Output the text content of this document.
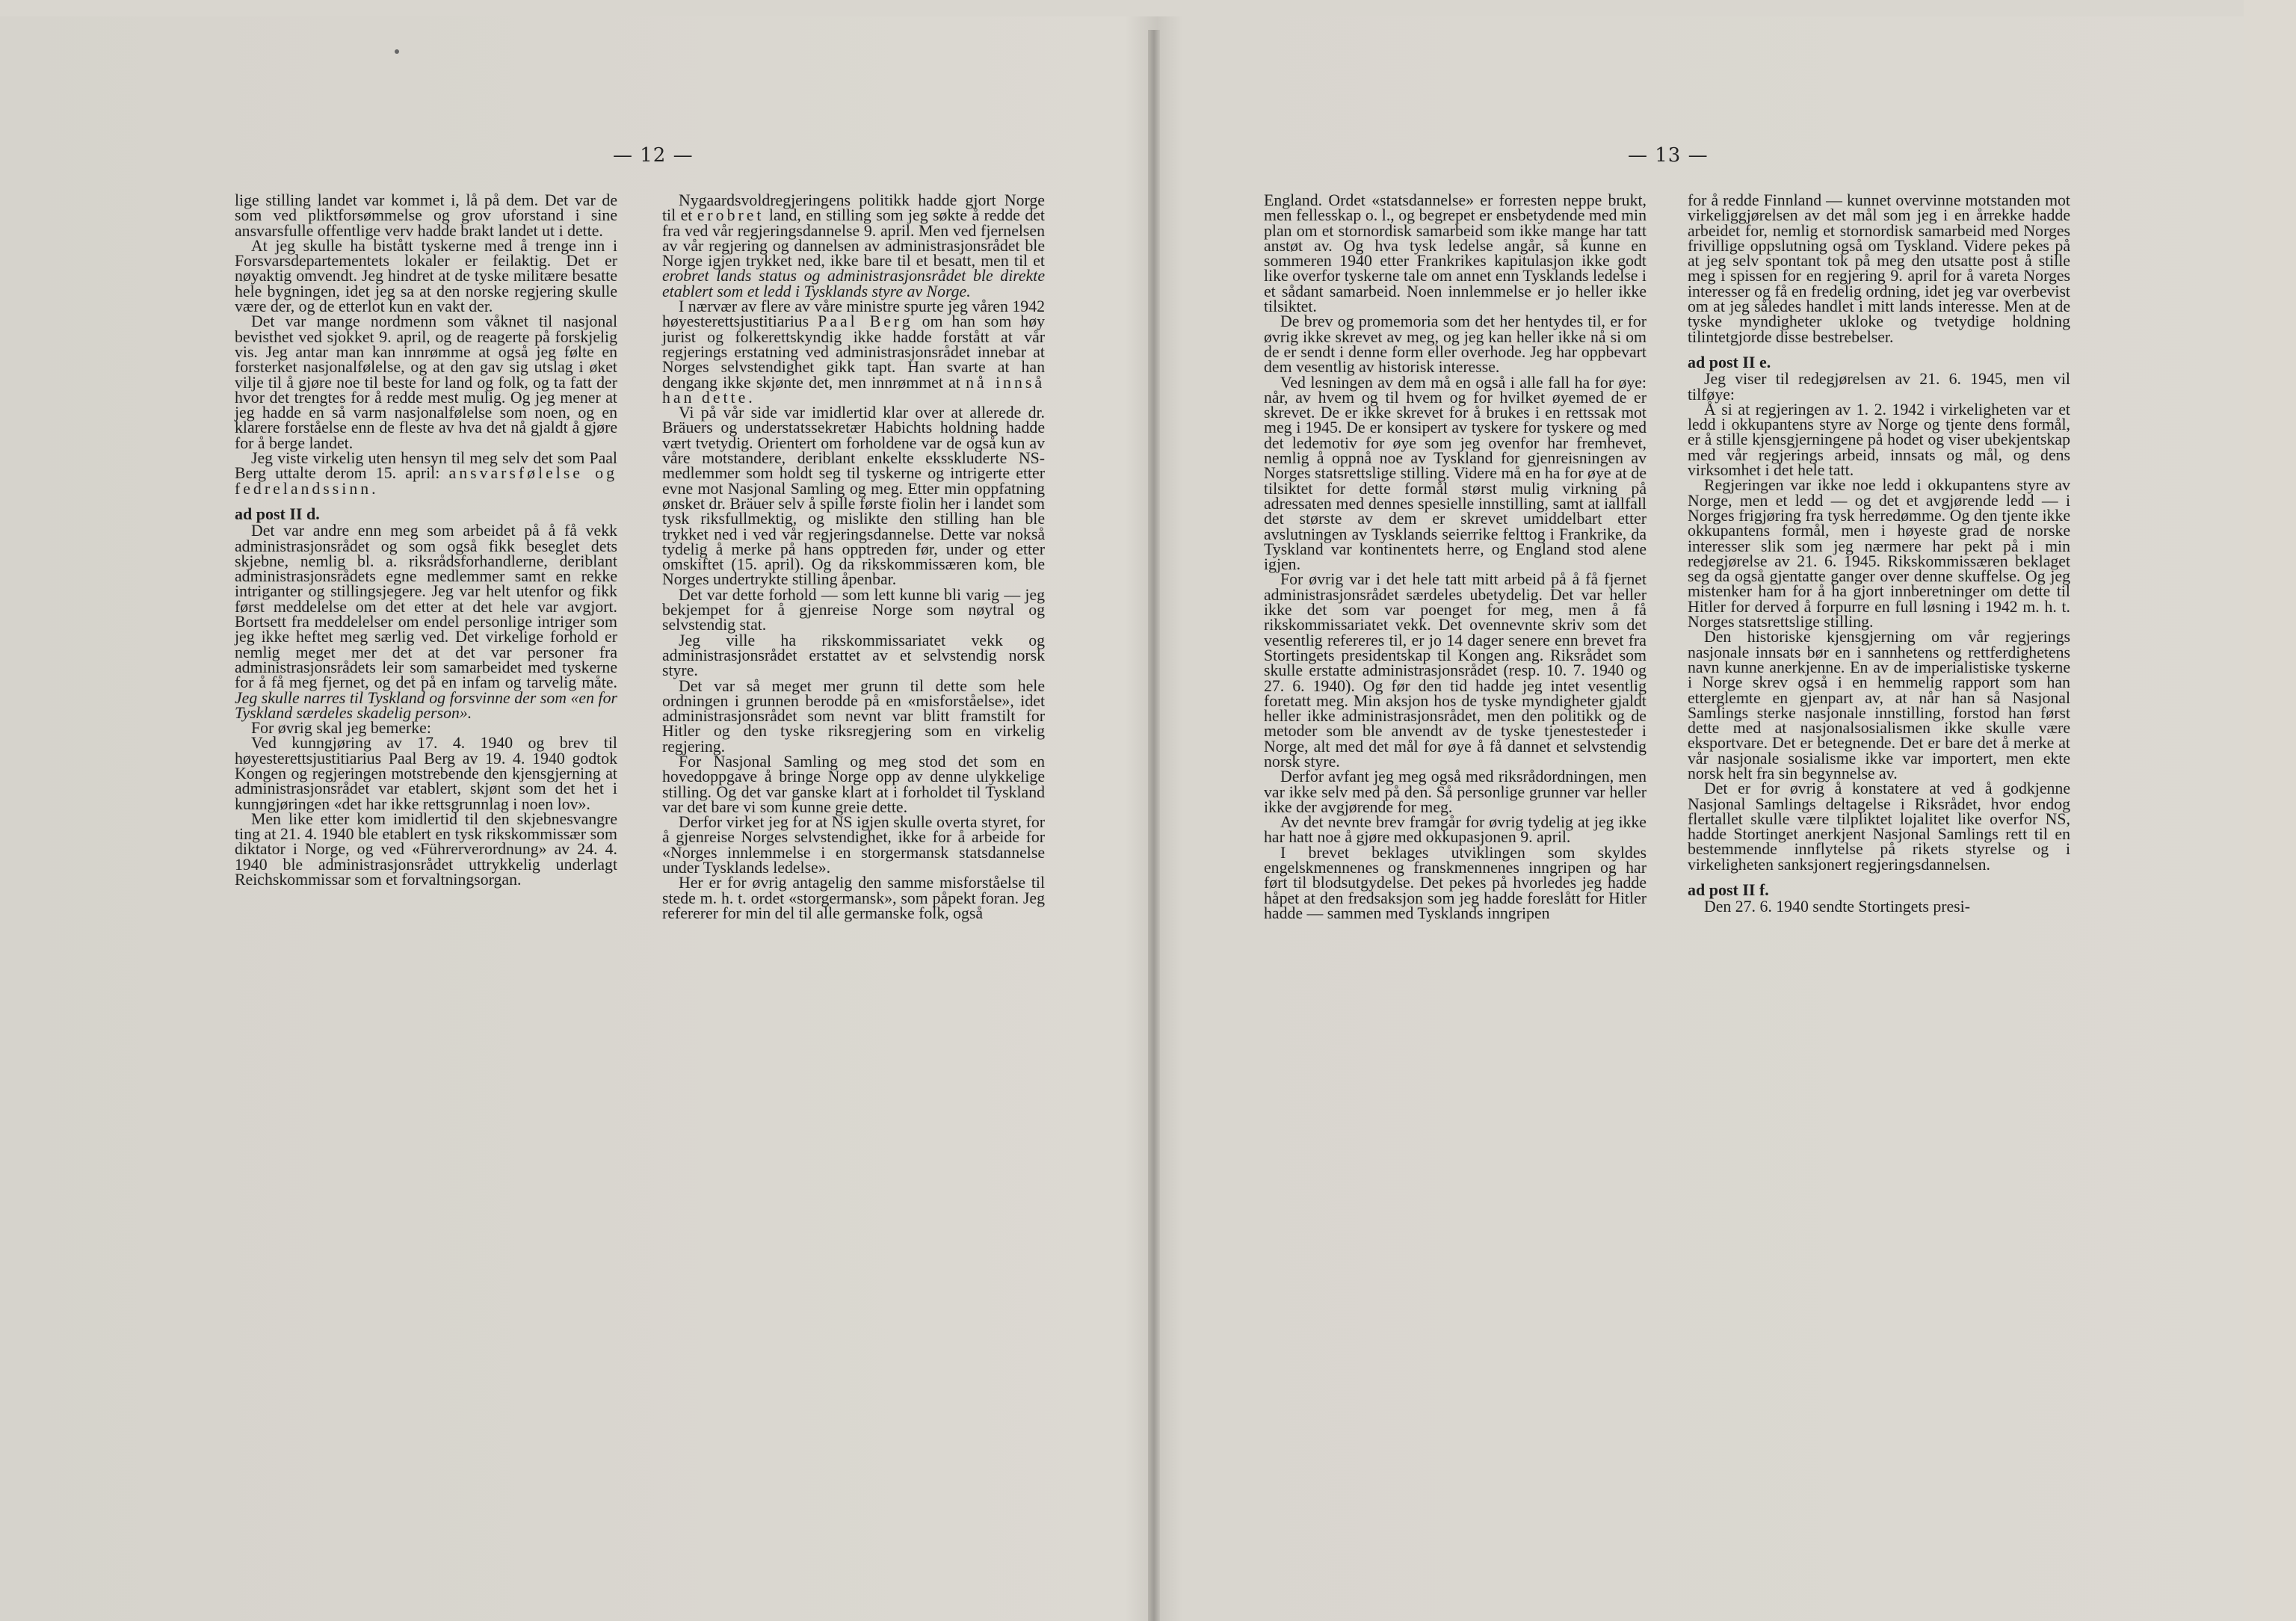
— 12 —	— 13 —

lige stilling landet var kommet i, lå på dem. Det var de som ved pliktforsømmelse og grov uforstand i sine ansvarsfulle offentlige verv hadde brakt landet ut i dette.

At jeg skulle ha bistått tyskerne med å trenge inn i Forsvarsdepartementets lokaler er feilaktig. Det er nøyaktig omvendt. Jeg hindret at de tyske militære besatte hele bygningen, idet jeg sa at den norske regjering skulle være der, og de etterlot kun en vakt der.

Det var mange nordmenn som våknet til nasjonal bevisthet ved sjokket 9. april, og de reagerte på forskjelig vis. Jeg antar man kan innrømme at også jeg følte en forsterket nasjonalfølelse, og at den gav sig utslag i øket vilje til å gjøre noe til beste for land og folk, og ta fatt der hvor det trengtes for å redde mest mulig. Og jeg mener at jeg hadde en så varm nasjonalfølelse som noen, og en klarere forståelse enn de fleste av hva det nå gjaldt å gjøre for å berge landet.

Jeg viste virkelig uten hensyn til meg selv det som Paal Berg uttalte derom 15. april: ansvarsfølelse og fedrelandssinn.

ad post II d.

Det var andre enn meg som arbeidet på å få vekk administrasjonsrådet og som også fikk beseglet dets skjebne, nemlig bl. a. riksrådsforhandlerne, deriblant administrasjonsrådets egne medlemmer samt en rekke intriganter og stillingsjegere. Jeg var helt utenfor og fikk først meddelelse om det etter at det hele var avgjort. Bortsett fra meddelelser om endel personlige intriger som jeg ikke heftet meg særlig ved. Det virkelige forhold er nemlig meget mer det at det var personer fra administrasjonsrådets leir som samarbeidet med tyskerne for å få meg fjernet, og det på en infam og tarvelig måte. Jeg skulle narres til Tyskland og forsvinne der som «en for Tyskland særdeles skadelig person».

For øvrig skal jeg bemerke:

Ved kunngjøring av 17. 4. 1940 og brev til høyesterettsjustitiarius Paal Berg av 19. 4. 1940 godtok Kongen og regjeringen motstrebende den kjensgjerning at administrasjonsrådet var etablert, skjønt som det het i kunngjøringen «det har ikke rettsgrunnlag i noen lov».

Men like etter kom imidlertid til den skjebnesvangre ting at 21. 4. 1940 ble etablert en tysk rikskommissær som diktator i Norge, og ved «Führerverordnung» av 24. 4. 1940 ble administrasjonsrådet uttrykkelig underlagt Reichskommissar som et forvaltningsorgan.

Nygaardsvoldregjeringens politikk hadde gjort Norge til et erobret land, en stilling som jeg søkte å redde det fra ved vår regjeringsdannelse 9. april. Men ved fjernelsen av vår regjering og dannelsen av administrasjonsrådet ble Norge igjen trykket ned, ikke bare til et besatt, men til et erobret lands status og administrasjonsrådet ble direkte etablert som et ledd i Tysklands styre av Norge.

I nærvær av flere av våre ministre spurte jeg våren 1942 høyesterettsjustitiarius Paal Berg om han som høy jurist og folkerettskyndig ikke hadde forstått at vår regjerings erstatning ved administrasjonsrådet innebar at Norges selvstendighet gikk tapt. Han svarte at han dengang ikke skjønte det, men innrømmet at nå innså han dette.

Vi på vår side var imidlertid klar over at allerede dr. Bräuers og understatssekretær Habichts holdning hadde vært tvetydig. Orientert om forholdene var de også kun av våre motstandere, deriblant enkelte eksskluderte NS-medlemmer som holdt seg til tyskerne og intrigerte etter evne mot Nasjonal Samling og meg. Etter min oppfatning ønsket dr. Bräuer selv å spille første fiolin her i landet som tysk riksfullmektig, og mislikte den stilling han ble trykket ned i ved vår regjeringsdannelse. Dette var nokså tydelig å merke på hans opptreden før, under og etter omskiftet (15. april). Og da rikskommissæren kom, ble Norges undertrykte stilling åpenbar.

Det var dette forhold — som lett kunne bli varig — jeg bekjempet for å gjenreise Norge som nøytral og selvstendig stat.

Jeg ville ha rikskommissariatet vekk og administrasjonsrådet erstattet av et selvstendig norsk styre.

Det var så meget mer grunn til dette som hele ordningen i grunnen berodde på en «misforståelse», idet administrasjonsrådet som nevnt var blitt framstilt for Hitler og den tyske riksregjering som en virkelig regjering.

For Nasjonal Samling og meg stod det som en hovedoppgave å bringe Norge opp av denne ulykkelige stilling. Og det var ganske klart at i forholdet til Tyskland var det bare vi som kunne greie dette.

Derfor virket jeg for at NS igjen skulle overta styret, for å gjenreise Norges selvstendighet, ikke for å arbeide for «Norges innlemmelse i en storgermansk statsdannelse under Tysklands ledelse».

Her er for øvrig antagelig den samme misforståelse til stede m. h. t. ordet «storgermansk», som påpekt foran. Jeg refererer for min del til alle germanske folk, også

England. Ordet «statsdannelse» er forresten neppe brukt, men fellesskap o. l., og begrepet er ensbetydende med min plan om et stornordisk samarbeid som ikke mange har tatt anstøt av. Og hva tysk ledelse angår, så kunne en sommeren 1940 etter Frankrikes kapitulasjon ikke godt like overfor tyskerne tale om annet enn Tysklands ledelse i et sådant samarbeid. Noen innlemmelse er jo heller ikke tilsiktet.

De brev og promemoria som det her hentydes til, er for øvrig ikke skrevet av meg, og jeg kan heller ikke nå si om de er sendt i denne form eller overhode. Jeg har oppbevart dem vesentlig av historisk interesse.

Ved lesningen av dem må en også i alle fall ha for øye: når, av hvem og til hvem og for hvilket øyemed de er skrevet. De er ikke skrevet for å brukes i en rettssak mot meg i 1945. De er konsipert av tyskere for tyskere og med det ledemotiv for øye som jeg ovenfor har fremhevet, nemlig å oppnå noe av Tyskland for gjenreisningen av Norges statsrettslige stilling. Videre må en ha for øye at de tilsiktet for dette formål størst mulig virkning på adressaten med dennes spesielle innstilling, samt at iallfall det største av dem er skrevet umiddelbart etter avslutningen av Tysklands seierrike felttog i Frankrike, da Tyskland var kontinentets herre, og England stod alene igjen.

For øvrig var i det hele tatt mitt arbeid på å få fjernet administrasjonsrådet særdeles ubetydelig. Det var heller ikke det som var poenget for meg, men å få rikskommissariatet vekk. Det ovennevnte skriv som det vesentlig refereres til, er jo 14 dager senere enn brevet fra Stortingets presidentskap til Kongen ang. Riksrådet som skulle erstatte administrasjonsrådet (resp. 10. 7. 1940 og 27. 6. 1940). Og før den tid hadde jeg intet vesentlig foretatt meg. Min aksjon hos de tyske myndigheter gjaldt heller ikke administrasjonsrådet, men den politikk og de metoder som ble anvendt av de tyske tjenestesteder i Norge, alt med det mål for øye å få dannet et selvstendig norsk styre.

Derfor avfant jeg meg også med riksrådordningen, men var ikke selv med på den. Så personlige grunner var heller ikke der avgjørende for meg.

Av det nevnte brev framgår for øvrig tydelig at jeg ikke har hatt noe å gjøre med okkupasjonen 9. april.

I brevet beklages utviklingen som skyldes engelskmennenes og franskmennenes inngripen og har ført til blodsutgydelse. Det pekes på hvorledes jeg hadde håpet at den fredsaksjon som jeg hadde foreslått for Hitler hadde — sammen med Tysklands inngripen

for å redde Finnland — kunnet overvinne motstanden mot virkeliggjørelsen av det mål som jeg i en årrekke hadde arbeidet for, nemlig et stornordisk samarbeid med Norges frivillige oppslutning også om Tyskland. Videre pekes på at jeg selv spontant tok på meg den utsatte post å stille meg i spissen for en regjering 9. april for å vareta Norges interesser og få en fredelig ordning, idet jeg var overbevist om at jeg således handlet i mitt lands interesse. Men at de tyske myndigheter ukloke og tvetydige holdning tilintetgjorde disse bestrebelser.

ad post II e.

Jeg viser til redegjørelsen av 21. 6. 1945, men vil tilføye:

Å si at regjeringen av 1. 2. 1942 i virkeligheten var et ledd i okkupantens styre av Norge og tjente dens formål, er å stille kjensgjerningene på hodet og viser ubekjentskap med vår regjerings arbeid, innsats og mål, og dens virksomhet i det hele tatt.

Regjeringen var ikke noe ledd i okkupantens styre av Norge, men et ledd — og det et avgjørende ledd — i Norges frigjøring fra tysk herredømme. Og den tjente ikke okkupantens formål, men i høyeste grad de norske interesser slik som jeg nærmere har pekt på i min redegjørelse av 21. 6. 1945. Rikskommissæren beklaget seg da også gjentatte ganger over denne skuffelse. Og jeg mistenker ham for å ha gjort innberetninger om dette til Hitler for derved å forpurre en full løsning i 1942 m. h. t. Norges statsrettslige stilling.

Den historiske kjensgjerning om vår regjerings nasjonale innsats bør en i sannhetens og rettferdighetens navn kunne anerkjenne. En av de imperialistiske tyskerne i Norge skrev også i en hemmelig rapport som han etterglemte en gjenpart av, at når han så Nasjonal Samlings sterke nasjonale innstilling, forstod han først dette med at nasjonalsosialismen ikke skulle være eksportvare. Det er betegnende. Det er bare det å merke at vår nasjonale sosialisme ikke var importert, men ekte norsk helt fra sin begynnelse av.

Det er for øvrig å konstatere at ved å godkjenne Nasjonal Samlings deltagelse i Riksrådet, hvor endog flertallet skulle være tilpliktet lojalitet like overfor NS, hadde Stortinget anerkjent Nasjonal Samlings rett til en bestemmende innflytelse på rikets styrelse og i virkeligheten sanksjonert regjeringsdannelsen.

ad post II f.

Den 27. 6. 1940 sendte Stortingets presi-
